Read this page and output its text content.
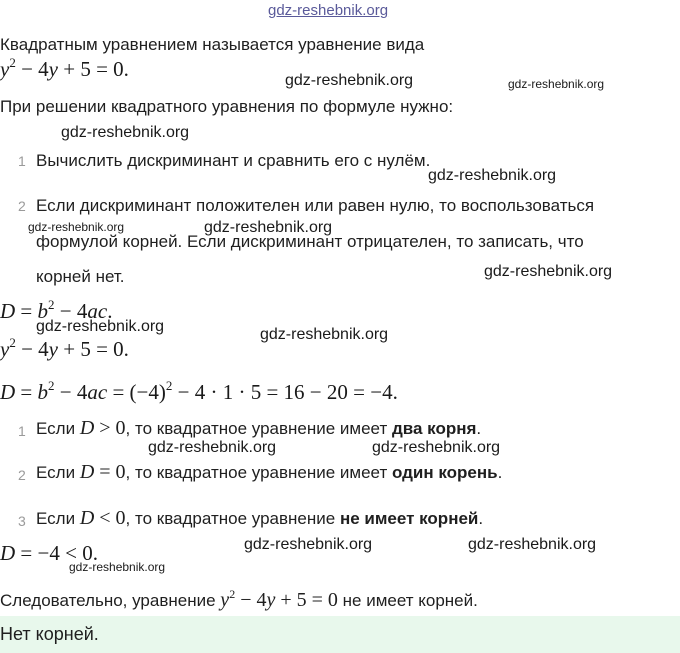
gdz-reshebnik.org
Квадратным уравнением называется уравнение вида
$y^2 - 4y + 5 = 0$.	gdz-reshebnik.org	gdz-reshebnik.org
При решении квадратного уравнения по формуле нужно:
gdz-reshebnik.org
1 Вычислить дискриминант и сравнить его с нулём.
gdz-reshebnik.org
2 Если дискриминант положителен или равен нулю, то воспользоваться
gdz-reshebnik.org	gdz-reshebnik.org
формулой корней. Если дискриминант отрицателен, то записать, что
gdz-reshebnik.org
корней нет.
$D = b^2 - 4ac$.
gdz-reshebnik.org	gdz-reshebnik.org
$y^2 - 4y + 5 = 0$.
$D = b^2 - 4ac = (-4)^2 - 4 \cdot 1 \cdot 5 = 16 - 20 = -4$.
1 Если D > 0, то квадратное уравнение имеет два корня.
gdz-reshebnik.org	gdz-reshebnik.org
2 Если D = 0, то квадратное уравнение имеет один корень.
3 Если D < 0, то квадратное уравнение не имеет корней.
D = −4 < 0.	gdz-reshebnik.org	gdz-reshebnik.org
gdz-reshebnik.org
Следовательно, уравнение $y^2 - 4y + 5 = 0$ не имеет корней.
Нет корней.
